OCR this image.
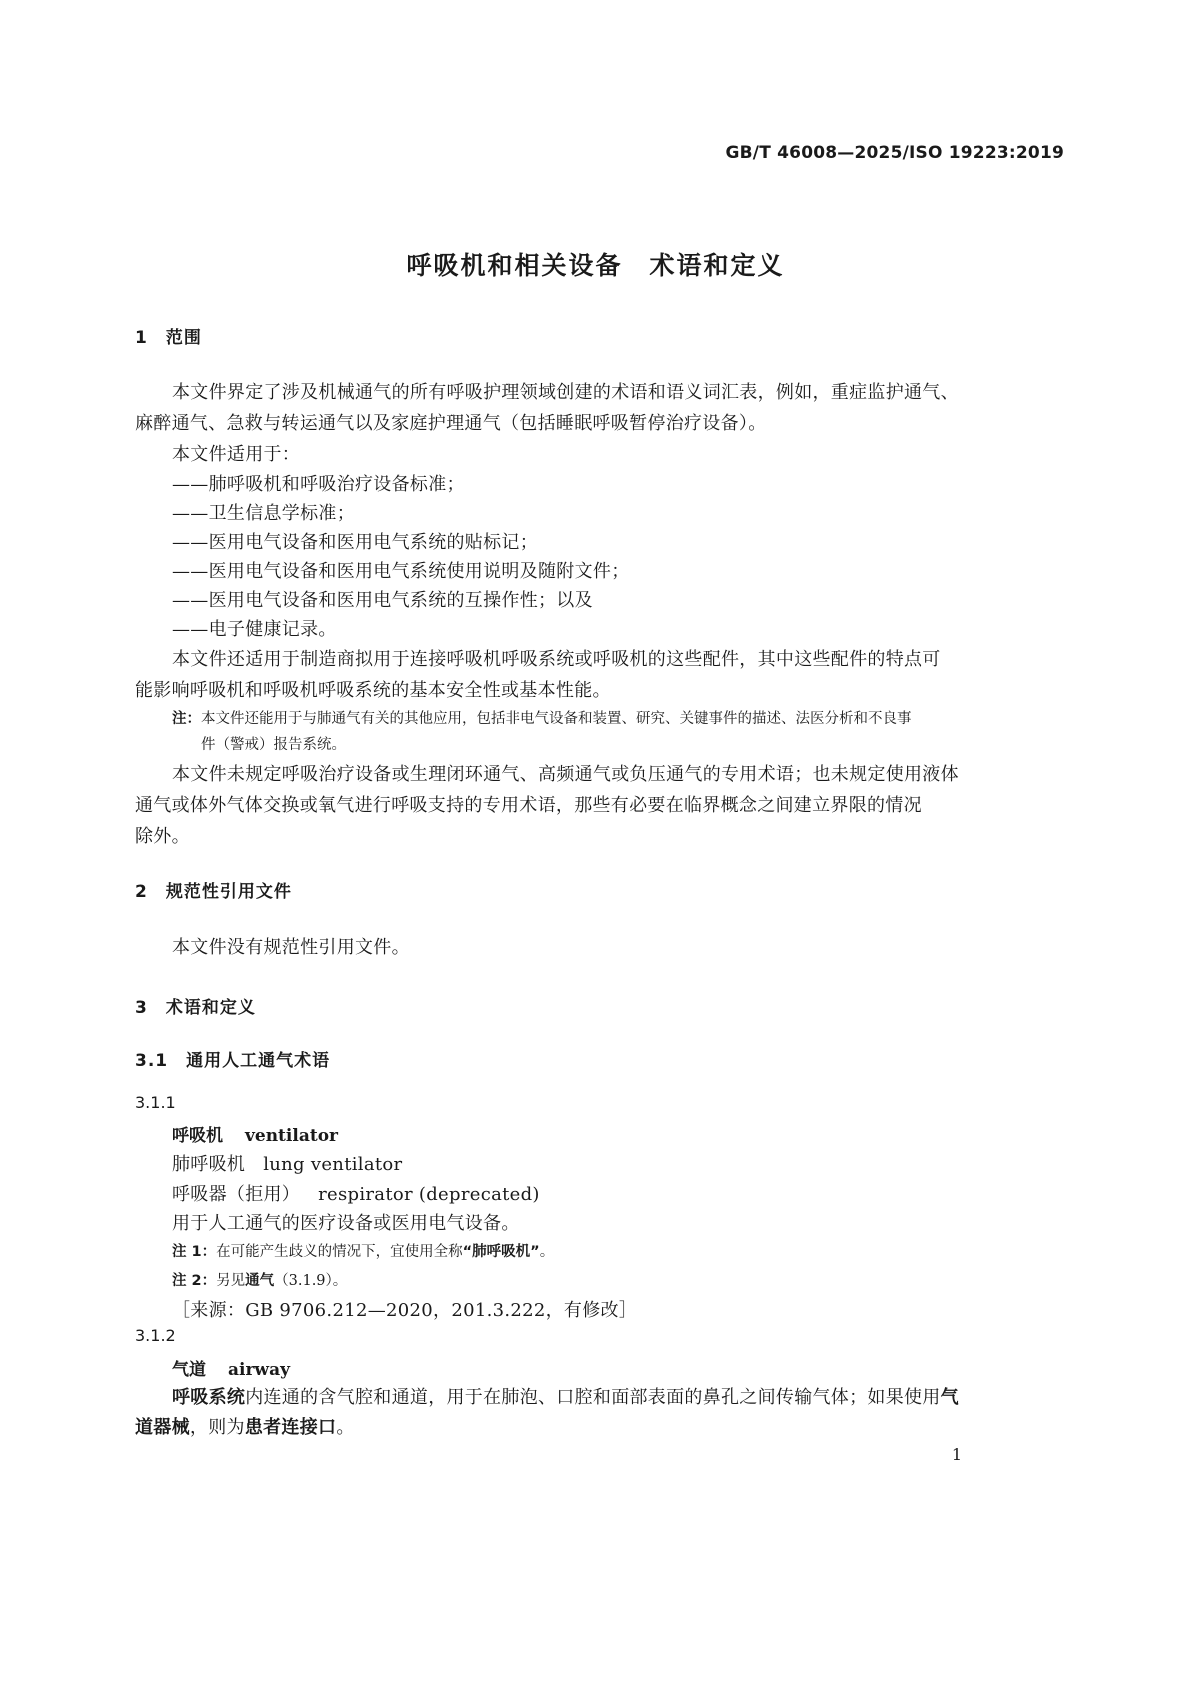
GB/T 46008—2025/ISO 19223:2019
呼吸机和相关设备　术语和定义
1　范围
本文件界定了涉及机械通气的所有呼吸护理领域创建的术语和语义词汇表，例如，重症监护通气、
麻醉通气、急救与转运通气以及家庭护理通气（包括睡眠呼吸暂停治疗设备）。
本文件适用于：
——肺呼吸机和呼吸治疗设备标准；
——卫生信息学标准；
——医用电气设备和医用电气系统的贴标记；
——医用电气设备和医用电气系统使用说明及随附文件；
——医用电气设备和医用电气系统的互操作性；以及
——电子健康记录。
本文件还适用于制造商拟用于连接呼吸机呼吸系统或呼吸机的这些配件，其中这些配件的特点可
能影响呼吸机和呼吸机呼吸系统的基本安全性或基本性能。
注：本文件还能用于与肺通气有关的其他应用，包括非电气设备和装置、研究、关键事件的描述、法医分析和不良事
件（警戒）报告系统。
本文件未规定呼吸治疗设备或生理闭环通气、高频通气或负压通气的专用术语；也未规定使用液体
通气或体外气体交换或氧气进行呼吸支持的专用术语，那些有必要在临界概念之间建立界限的情况
除外。
2　规范性引用文件
本文件没有规范性引用文件。
3　术语和定义
3.1　通用人工通气术语
3.1.1
呼吸机 ventilator
肺呼吸机 lung ventilator
呼吸器（拒用） respirator (deprecated)
用于人工通气的医疗设备或医用电气设备。
注 1：在可能产生歧义的情况下，宜使用全称“肺呼吸机”。
注 2：另见通气（3.1.9）。
［来源：GB 9706.212—2020，201.3.222，有修改］
3.1.2
气道 airway
呼吸系统内连通的含气腔和通道，用于在肺泡、口腔和面部表面的鼻孔之间传输气体；如果使用气
道器械，则为患者连接口。
1
